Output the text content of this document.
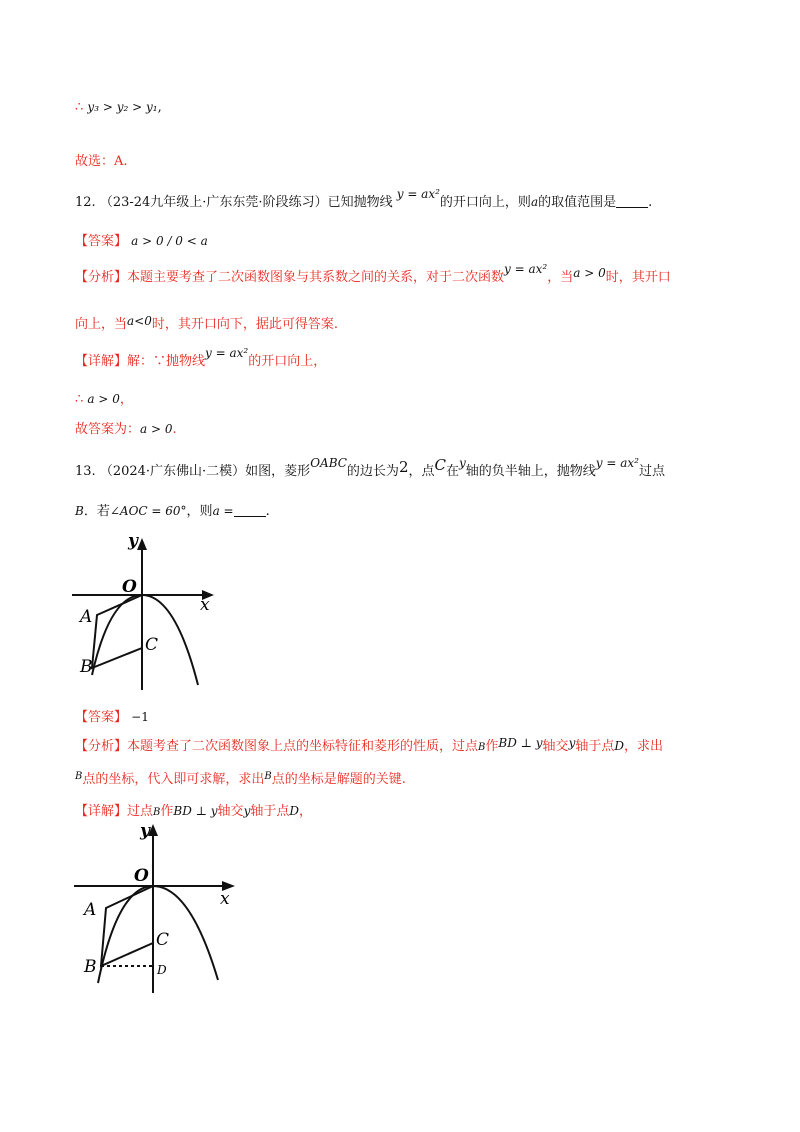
∴ y₃ > y₂ > y₁,
故选：A.
12. （23-24九年级上·广东东莞·阶段练习）已知抛物线 y = ax²的开口向上，则a的取值范围是 .
【答案】 a > 0 / 0 < a
【分析】本题主要考查了二次函数图象与其系数之间的关系，对于二次函数y = ax²，当a > 0时，其开口
向上，当a<0时，其开口向下，据此可得答案.
【详解】解：∵抛物线y = ax²的开口向上，
∴ a > 0，
故答案为：a > 0.
13. （2024·广东佛山·二模）如图，菱形OABC的边长为2，点C在y轴的负半轴上，抛物线y = ax²过点
B．若∠AOC = 60°，则a = .
y
x
O
A
B
C
【答案】 −1
【分析】本题考查了二次函数图象上点的坐标特征和菱形的性质，过点B作BD ⊥ y轴交y轴于点D，求出
$^B$点的坐标，代入即可求解，求出$^B$点的坐标是解题的关键.
【详解】过点B作BD ⊥ y轴交y轴于点D，
y
x
O
A
B
C
D
